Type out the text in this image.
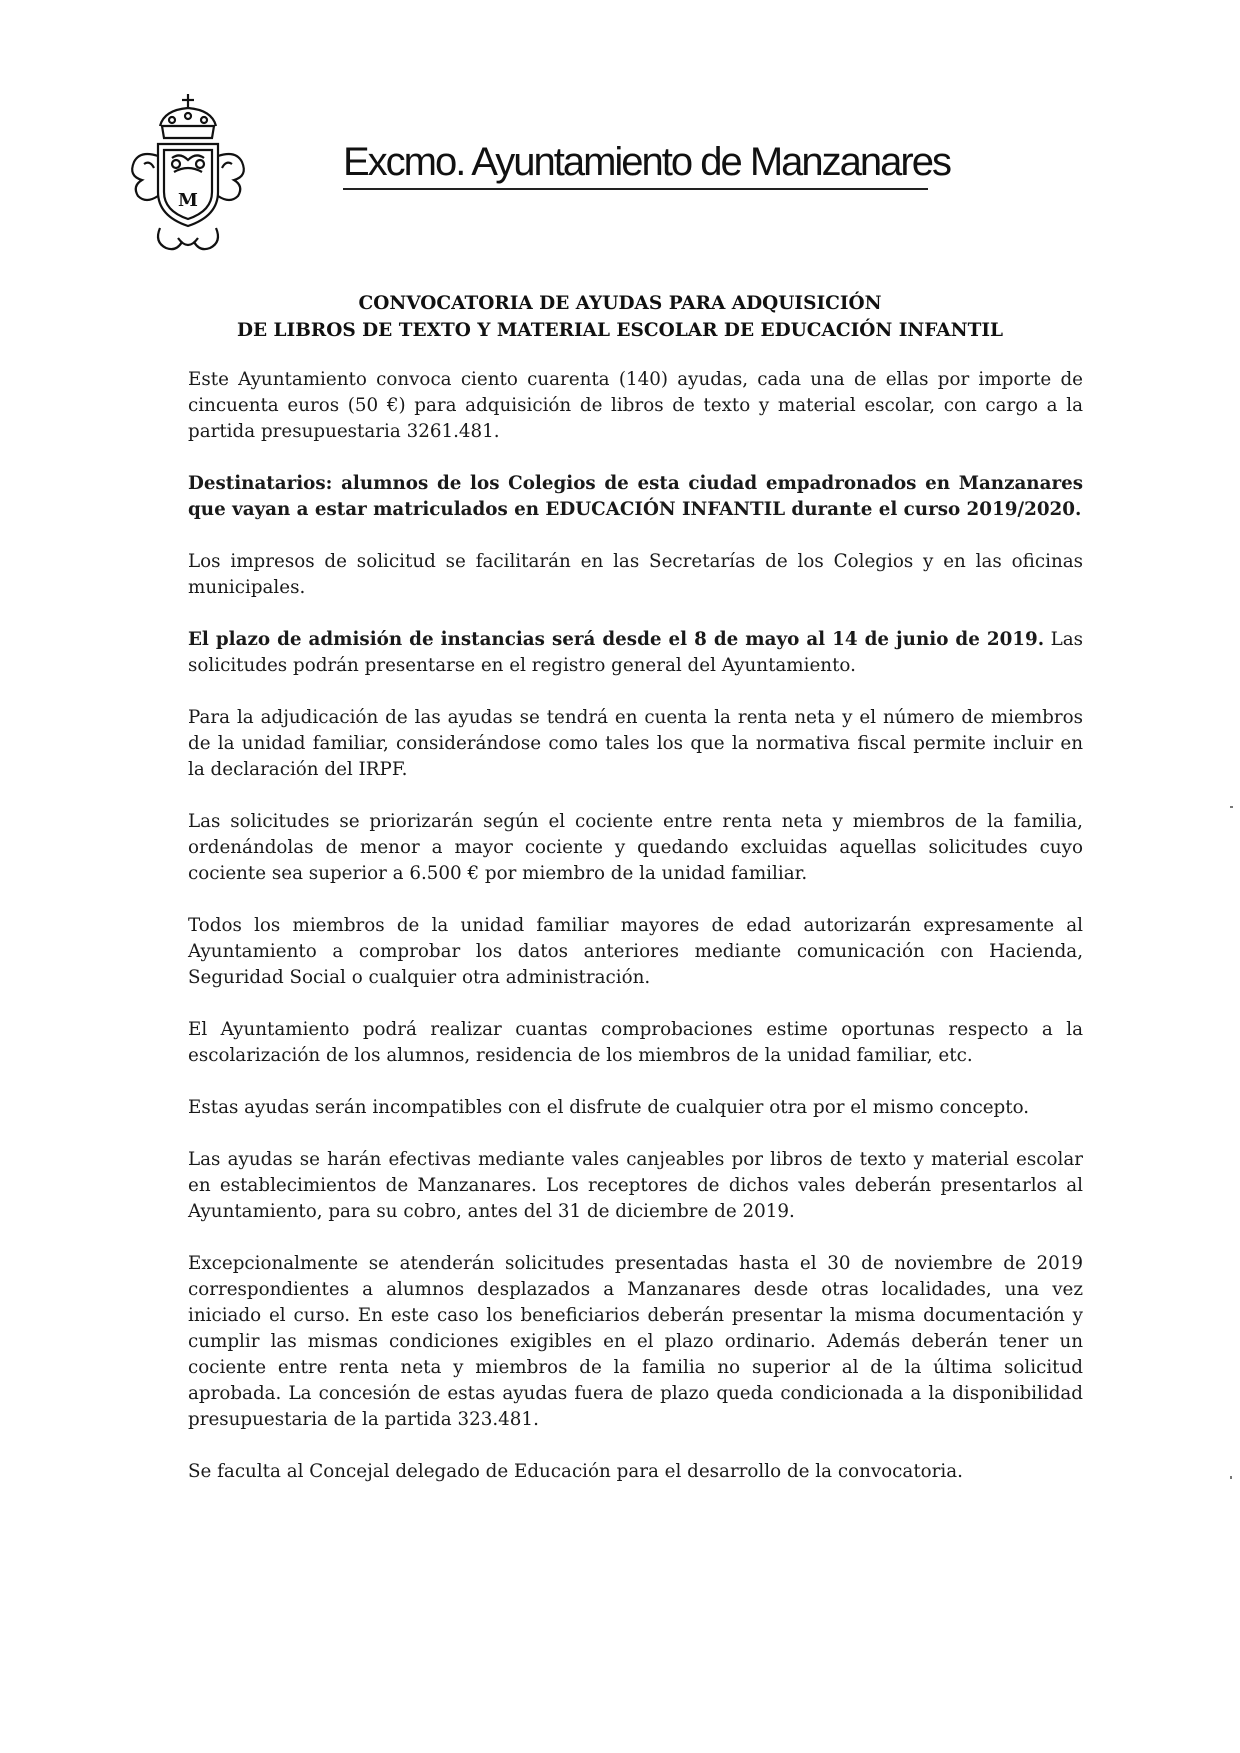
M
Excmo. Ayuntamiento de Manzanares
CONVOCATORIA DE AYUDAS PARA ADQUISICIÓN
DE LIBROS DE TEXTO Y MATERIAL ESCOLAR DE EDUCACIÓN INFANTIL

Este Ayuntamiento convoca ciento cuarenta (140) ayudas, cada una de ellas por importe de cincuenta euros (50 €) para adquisición de libros de texto y material escolar, con cargo a la partida presupuestaria 3261.481.

Destinatarios: alumnos de los Colegios de esta ciudad empadronados en Manzanares que vayan a estar matriculados en EDUCACIÓN INFANTIL durante el curso 2019/2020.

Los impresos de solicitud se facilitarán en las Secretarías de los Colegios y en las oficinas municipales.

El plazo de admisión de instancias será desde el 8 de mayo al 14 de junio de 2019. Las solicitudes podrán presentarse en el registro general del Ayuntamiento.

Para la adjudicación de las ayudas se tendrá en cuenta la renta neta y el número de miembros de la unidad familiar, considerándose como tales los que la normativa fiscal permite incluir en la declaración del IRPF.

Las solicitudes se priorizarán según el cociente entre renta neta y miembros de la familia, ordenándolas de menor a mayor cociente y quedando excluidas aquellas solicitudes cuyo cociente sea superior a 6.500 € por miembro de la unidad familiar.

Todos los miembros de la unidad familiar mayores de edad autorizarán expresamente al Ayuntamiento a comprobar los datos anteriores mediante comunicación con Hacienda, Seguridad Social o cualquier otra administración.

El Ayuntamiento podrá realizar cuantas comprobaciones estime oportunas respecto a la escolarización de los alumnos, residencia de los miembros de la unidad familiar, etc.

Estas ayudas serán incompatibles con el disfrute de cualquier otra por el mismo concepto.

Las ayudas se harán efectivas mediante vales canjeables por libros de texto y material escolar en establecimientos de Manzanares. Los receptores de dichos vales deberán presentarlos al Ayuntamiento, para su cobro, antes del 31 de diciembre de 2019.

Excepcionalmente se atenderán solicitudes presentadas hasta el 30 de noviembre de 2019 correspondientes a alumnos desplazados a Manzanares desde otras localidades, una vez iniciado el curso. En este caso los beneficiarios deberán presentar la misma documentación y cumplir las mismas condiciones exigibles en el plazo ordinario. Además deberán tener un cociente entre renta neta y miembros de la familia no superior al de la última solicitud aprobada. La concesión de estas ayudas fuera de plazo queda condicionada a la disponibilidad presupuestaria de la partida 323.481.

Se faculta al Concejal delegado de Educación para el desarrollo de la convocatoria.
